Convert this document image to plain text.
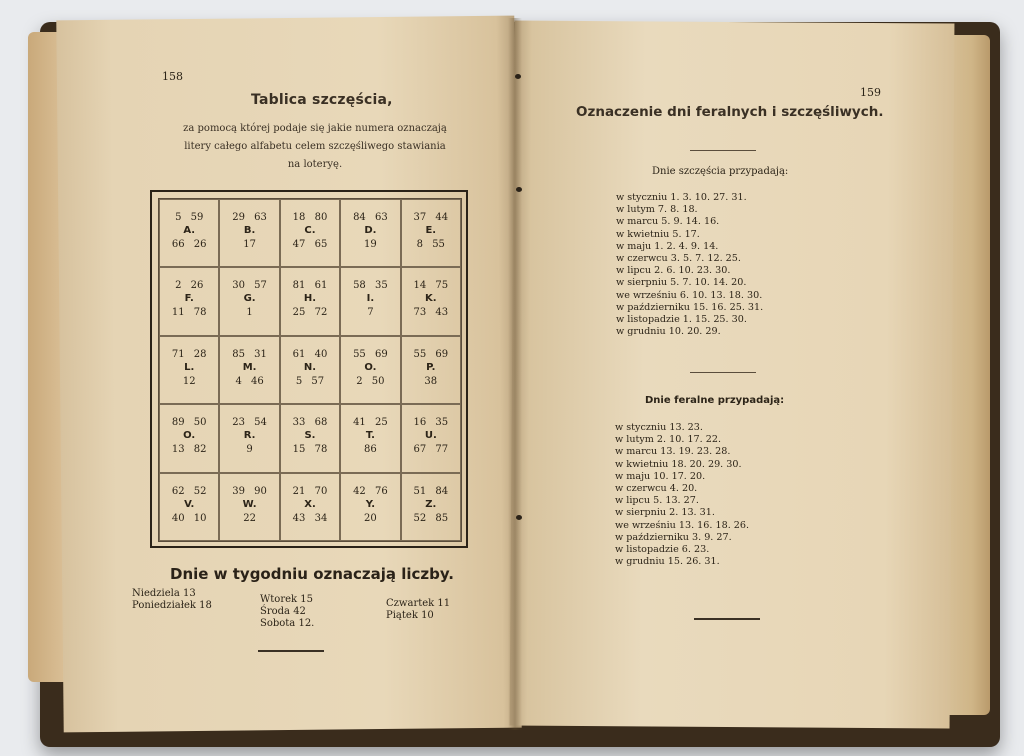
158
Tablica szczęścia,
za pomocą której podaje się jakie numera oznaczają
litery całego alfabetu celem szczęśliwego stawiania
na loteryę.
5 59
A.
66 26
29 63
B.
17
18 80
C.
47 65
84 63
D.
19
37 44
E.
8 55
2 26
F.
11 78
30 57
G.
1
81 61
H.
25 72
58 35
I.
7
14 75
K.
73 43
71 28
L.
12
85 31
M.
4 46
61 40
N.
5 57
55 69
O.
2 50
55 69
P.
38
89 50
O.
13 82
23 54
R.
9
33 68
S.
15 78
41 25
T.
86
16 35
U.
67 77
62 52
V.
40 10
39 90
W.
22
21 70
X.
43 34
42 76
Y.
20
51 84
Z.
52 85
Dnie w tygodniu oznaczają liczby.
Niedziela 13
Poniedziałek 18
Wtorek 15
Środa 42
Sobota 12.
Czwartek 11
Piątek 10
159
Oznaczenie dni feralnych i szczęśliwych.
Dnie szczęścia przypadają:
w styczniu 1. 3. 10. 27. 31.
w lutym 7. 8. 18.
w marcu 5. 9. 14. 16.
w kwietniu 5. 17.
w maju 1. 2. 4. 9. 14.
w czerwcu 3. 5. 7. 12. 25.
w lipcu 2. 6. 10. 23. 30.
w sierpniu 5. 7. 10. 14. 20.
we wrześniu 6. 10. 13. 18. 30.
w październiku 15. 16. 25. 31.
w listopadzie 1. 15. 25. 30.
w grudniu 10. 20. 29.
Dnie feralne przypadają:
w styczniu 13. 23.
w lutym 2. 10. 17. 22.
w marcu 13. 19. 23. 28.
w kwietniu 18. 20. 29. 30.
w maju 10. 17. 20.
w czerwcu 4. 20.
w lipcu 5. 13. 27.
w sierpniu 2. 13. 31.
we wrześniu 13. 16. 18. 26.
w październiku 3. 9. 27.
w listopadzie 6. 23.
w grudniu 15. 26. 31.
